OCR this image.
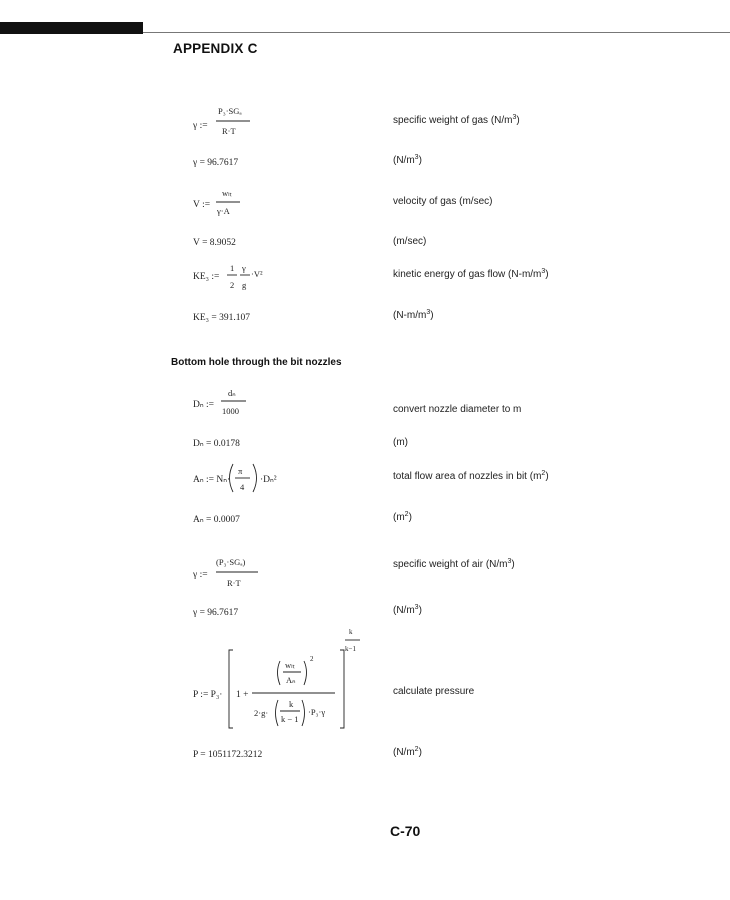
APPENDIX C
specific weight of gas $(N/m^3)$
$(N/m^3)$
velocity of gas (m/sec)
(m/sec)
kinetic energy of gas flow $(N-m/m^3)$
$(N-m/m^3)$
Bottom hole through the bit nozzles
convert nozzle diameter to m
(m)
total flow area of nozzles in bit $(m^2)$
$(m^2)$
specific weight of air $(N/m^3)$
$(N/m^3)$
calculate pressure
$(N/m^2)$
γ :=
P₃·SGₐ
R·T
γ = 96.7617
V :=
wₗₜ
γ·A
V = 8.9052
KE₃ :=
1
2
γ
g
·V²
KE₃ = 391.107
Dₙ :=
dₙ
1000
Dₙ = 0.0178
Aₙ := Nₙ·
π
4
·Dₙ²
Aₙ = 0.0007
γ :=
(P₃·SGₐ)
R·T
γ = 96.7617
P := P₃· 1 +
wₗₜ
Aₙ
2
2·g·
k
k − 1
·P₃·γ
k
k−1
P = 1051172.3212
C-70
